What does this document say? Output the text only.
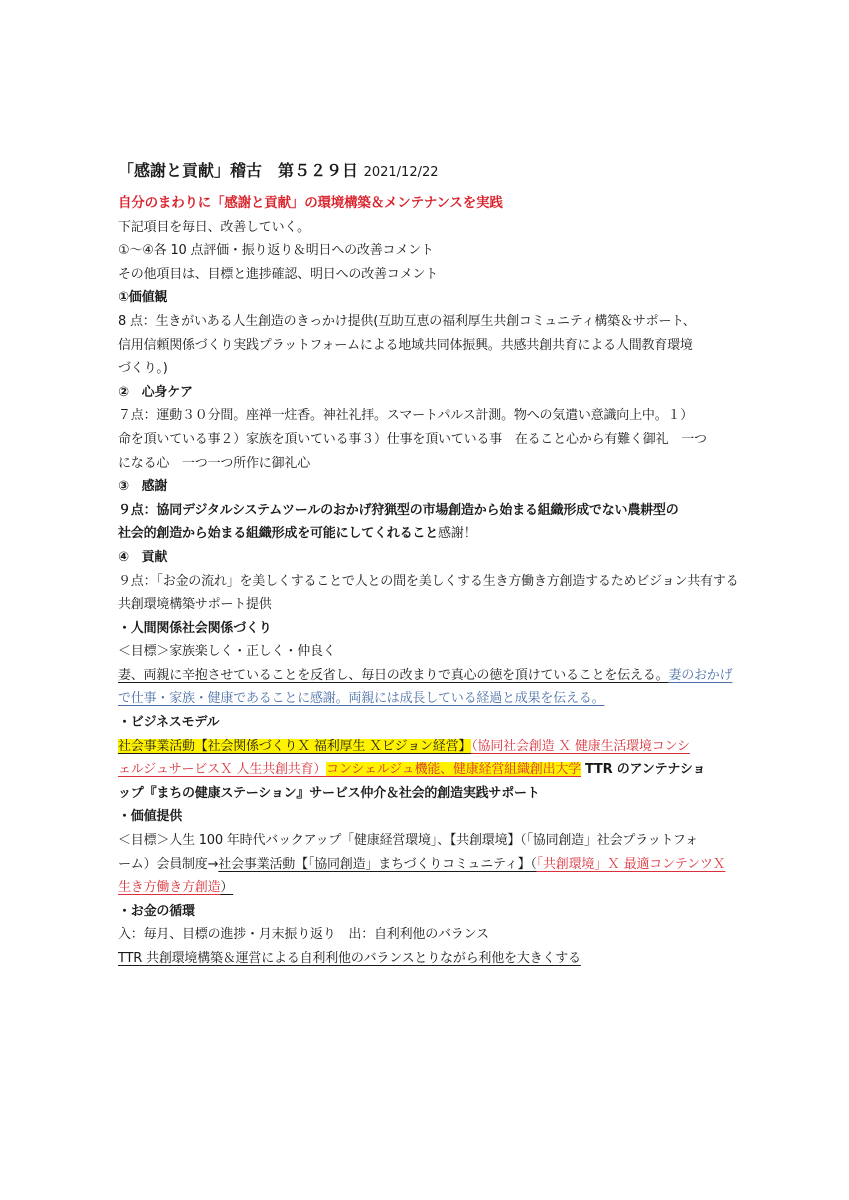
「感謝と貢献」稽古　第５２９日 2021/12/22
自分のまわりに「感謝と貢献」の環境構築＆メンテナンスを実践
下記項目を毎日、改善していく。
①～④各 10 点評価・振り返り＆明日への改善コメント
その他項目は、目標と進捗確認、明日への改善コメント
①価値観
8 点：生きがいある人生創造のきっかけ提供(互助互恵の福利厚生共創コミュニティ構築＆サポート、
信用信頼関係づくり実践プラットフォームによる地域共同体振興。共感共創共育による人間教育環境
づくり。)
②　心身ケア
７点：運動３０分間。座禅一炷香。神社礼拝。スマートパルス計測。物への気遣い意識向上中。１）
命を頂いている事２）家族を頂いている事３）仕事を頂いている事　在ること心から有難く御礼　一つ
になる心　一つ一つ所作に御礼心
③　感謝
９点：協同デジタルシステムツールのおかげ狩猟型の市場創造から始まる組織形成でない農耕型の
社会的創造から始まる組織形成を可能にしてくれること感謝！
④　貢献
９点：「お金の流れ」を美しくすることで人との間を美しくする生き方働き方創造するためビジョン共有する
共創環境構築サポート提供
・人間関係社会関係づくり
＜目標＞家族楽しく・正しく・仲良く
妻、両親に辛抱させていることを反省し、毎日の改まりで真心の徳を頂けていることを伝える。妻のおかげ
で仕事・家族・健康であることに感謝。両親には成長している経過と成果を伝える。
・ビジネスモデル
社会事業活動【社会関係づくりＸ 福利厚生 Ｘビジョン経営】（協同社会創造 Ｘ 健康生活環境コンシ
ェルジュサービスＸ 人生共創共育）コンシェルジュ機能、健康経営組織創出大学 TTR のアンテナショ
ップ『まちの健康ステーション』サービス仲介＆社会的創造実践サポート
・価値提供
＜目標＞人生 100 年時代バックアップ「健康経営環境」、【共創環境】（「協同創造」社会プラットフォ
ーム）会員制度→社会事業活動【「協同創造」まちづくりコミュニティ】（「共創環境」Ｘ 最適コンテンツＸ
生き方働き方創造）
・お金の循環
入：毎月、目標の進捗・月末振り返り　出：自利利他のバランス
TTR 共創環境構築＆運営による自利利他のバランスとりながら利他を大きくする
